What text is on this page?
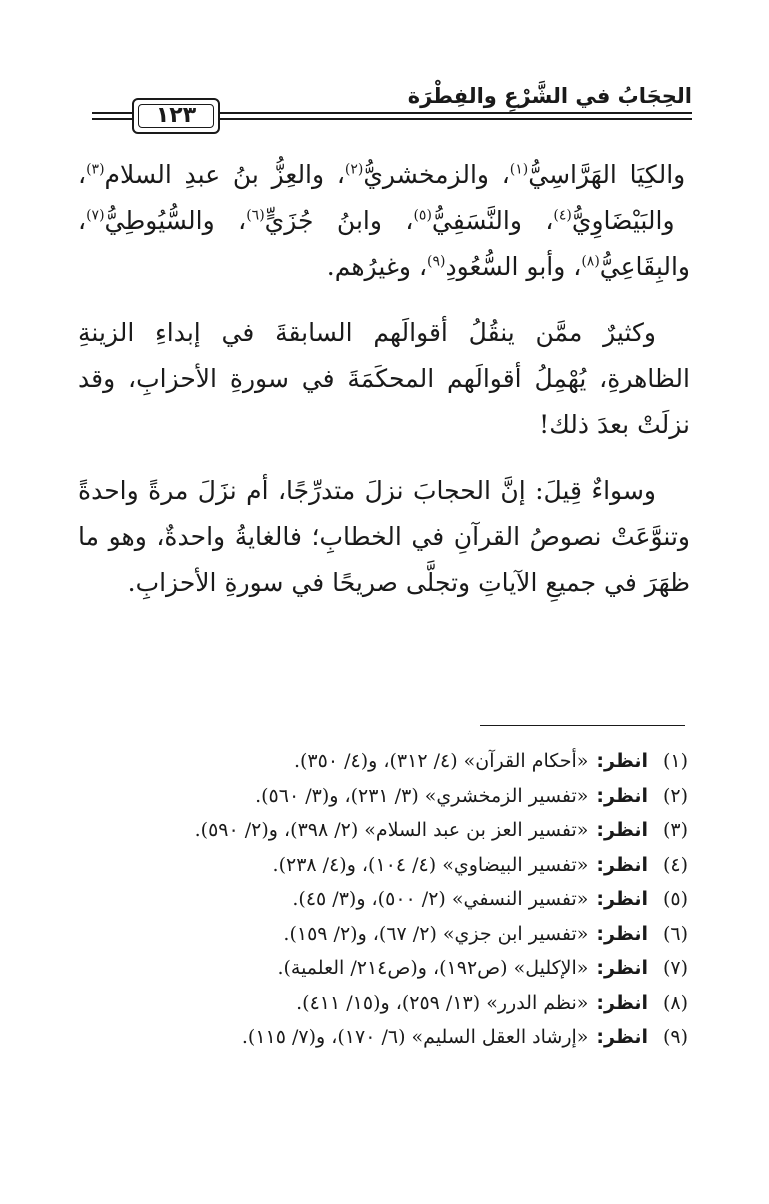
١٢٣
الحِجَابُ في الشَّرْعِ والفِطْرَة

والكِيَا الهَرَّاسِيُّ$^{(١)}$، والزمخشريُّ$^{(٢)}$، والعِزُّ بنُ عبدِ السلام$^{(٣)}$، والبَيْضَاوِيُّ$^{(٤)}$، والنَّسَفِيُّ$^{(٥)}$، وابنُ جُزَيٍّ$^{(٦)}$، والسُّيُوطِيُّ$^{(٧)}$، والبِقَاعِيُّ$^{(٨)}$، وأبو السُّعُودِ$^{(٩)}$، وغيرُهم.

وكثيرٌ ممَّن ينقُلُ أقوالَهم السابقةَ في إبداءِ الزينةِ الظاهرةِ، يُهْمِلُ أقوالَهم المحكَمَةَ في سورةِ الأحزابِ، وقد نزلَتْ بعدَ ذلك!

وسواءٌ قِيلَ: إنَّ الحجابَ نزلَ متدرِّجًا، أم نزَلَ مرةً واحدةً وتنوَّعَتْ نصوصُ القرآنِ في الخطابِ؛ فالغايةُ واحدةٌ، وهو ما ظهَرَ في جميعِ الآياتِ وتجلَّى صريحًا في سورةِ الأحزابِ.

(١)
انظر:
«أحكام القرآن» (٤/ ٣١٢)، و(٤/ ٣٥٠).
(٢)
انظر:
«تفسير الزمخشري» (٣/ ٢٣١)، و(٣/ ٥٦٠).
(٣)
انظر:
«تفسير العز بن عبد السلام» (٢/ ٣٩٨)، و(٢/ ٥٩٠).
(٤)
انظر:
«تفسير البيضاوي» (٤/ ١٠٤)، و(٤/ ٢٣٨).
(٥)
انظر:
«تفسير النسفي» (٢/ ٥٠٠)، و(٣/ ٤٥).
(٦)
انظر:
«تفسير ابن جزي» (٢/ ٦٧)، و(٢/ ١٥٩).
(٧)
انظر:
«الإكليل» (ص١٩٢)، و(ص٢١٤/ العلمية).
(٨)
انظر:
«نظم الدرر» (١٣/ ٢٥٩)، و(١٥/ ٤١١).
(٩)
انظر:
«إرشاد العقل السليم» (٦/ ١٧٠)، و(٧/ ١١٥).
